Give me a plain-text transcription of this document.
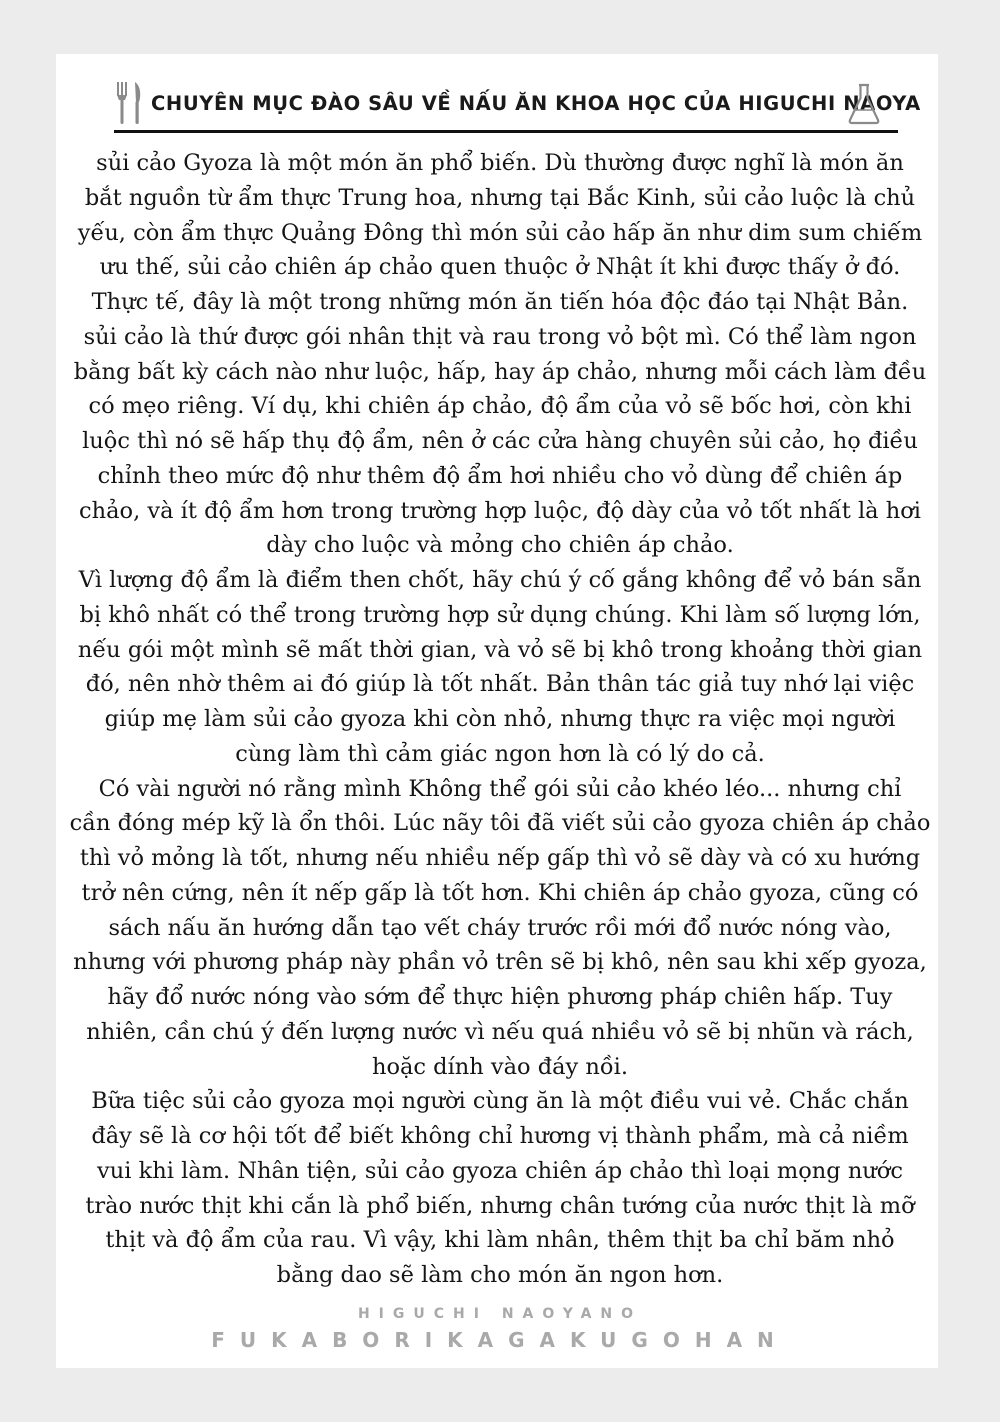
CHUYÊN MỤC ĐÀO SÂU VỀ NẤU ĂN KHOA HỌC CỦA HIGUCHI NAOYA

sủi cảo Gyoza là một món ăn phổ biến. Dù thường được nghĩ là món ăn
bắt nguồn từ ẩm thực Trung hoa, nhưng tại Bắc Kinh, sủi cảo luộc là chủ
yếu, còn ẩm thực Quảng Đông thì món sủi cảo hấp ăn như dim sum chiếm
ưu thế, sủi cảo chiên áp chảo quen thuộc ở Nhật ít khi được thấy ở đó.
Thực tế, đây là một trong những món ăn tiến hóa độc đáo tại Nhật Bản.
sủi cảo là thứ được gói nhân thịt và rau trong vỏ bột mì. Có thể làm ngon
bằng bất kỳ cách nào như luộc, hấp, hay áp chảo, nhưng mỗi cách làm đều
có mẹo riêng. Ví dụ, khi chiên áp chảo, độ ẩm của vỏ sẽ bốc hơi, còn khi
luộc thì nó sẽ hấp thụ độ ẩm, nên ở các cửa hàng chuyên sủi cảo, họ điều
chỉnh theo mức độ như thêm độ ẩm hơi nhiều cho vỏ dùng để chiên áp
chảo, và ít độ ẩm hơn trong trường hợp luộc, độ dày của vỏ tốt nhất là hơi
dày cho luộc và mỏng cho chiên áp chảo.

Vì lượng độ ẩm là điểm then chốt, hãy chú ý cố gắng không để vỏ bán sẵn
bị khô nhất có thể trong trường hợp sử dụng chúng. Khi làm số lượng lớn,
nếu gói một mình sẽ mất thời gian, và vỏ sẽ bị khô trong khoảng thời gian
đó, nên nhờ thêm ai đó giúp là tốt nhất. Bản thân tác giả tuy nhớ lại việc
giúp mẹ làm sủi cảo gyoza khi còn nhỏ, nhưng thực ra việc mọi người
cùng làm thì cảm giác ngon hơn là có lý do cả.

Có vài người nó rằng mình Không thể gói sủi cảo khéo léo... nhưng chỉ
cần đóng mép kỹ là ổn thôi. Lúc nãy tôi đã viết sủi cảo gyoza chiên áp chảo
thì vỏ mỏng là tốt, nhưng nếu nhiều nếp gấp thì vỏ sẽ dày và có xu hướng
trở nên cứng, nên ít nếp gấp là tốt hơn. Khi chiên áp chảo gyoza, cũng có
sách nấu ăn hướng dẫn tạo vết cháy trước rồi mới đổ nước nóng vào,
nhưng với phương pháp này phần vỏ trên sẽ bị khô, nên sau khi xếp gyoza,
hãy đổ nước nóng vào sớm để thực hiện phương pháp chiên hấp. Tuy
nhiên, cần chú ý đến lượng nước vì nếu quá nhiều vỏ sẽ bị nhũn và rách,
hoặc dính vào đáy nồi.

Bữa tiệc sủi cảo gyoza mọi người cùng ăn là một điều vui vẻ. Chắc chắn
đây sẽ là cơ hội tốt để biết không chỉ hương vị thành phẩm, mà cả niềm
vui khi làm. Nhân tiện, sủi cảo gyoza chiên áp chảo thì loại mọng nước
trào nước thịt khi cắn là phổ biến, nhưng chân tướng của nước thịt là mỡ
thịt và độ ẩm của rau. Vì vậy, khi làm nhân, thêm thịt ba chỉ băm nhỏ
bằng dao sẽ làm cho món ăn ngon hơn.

HIGUCHI NAOYANO
FUKABORIKAGAKUGOHAN
